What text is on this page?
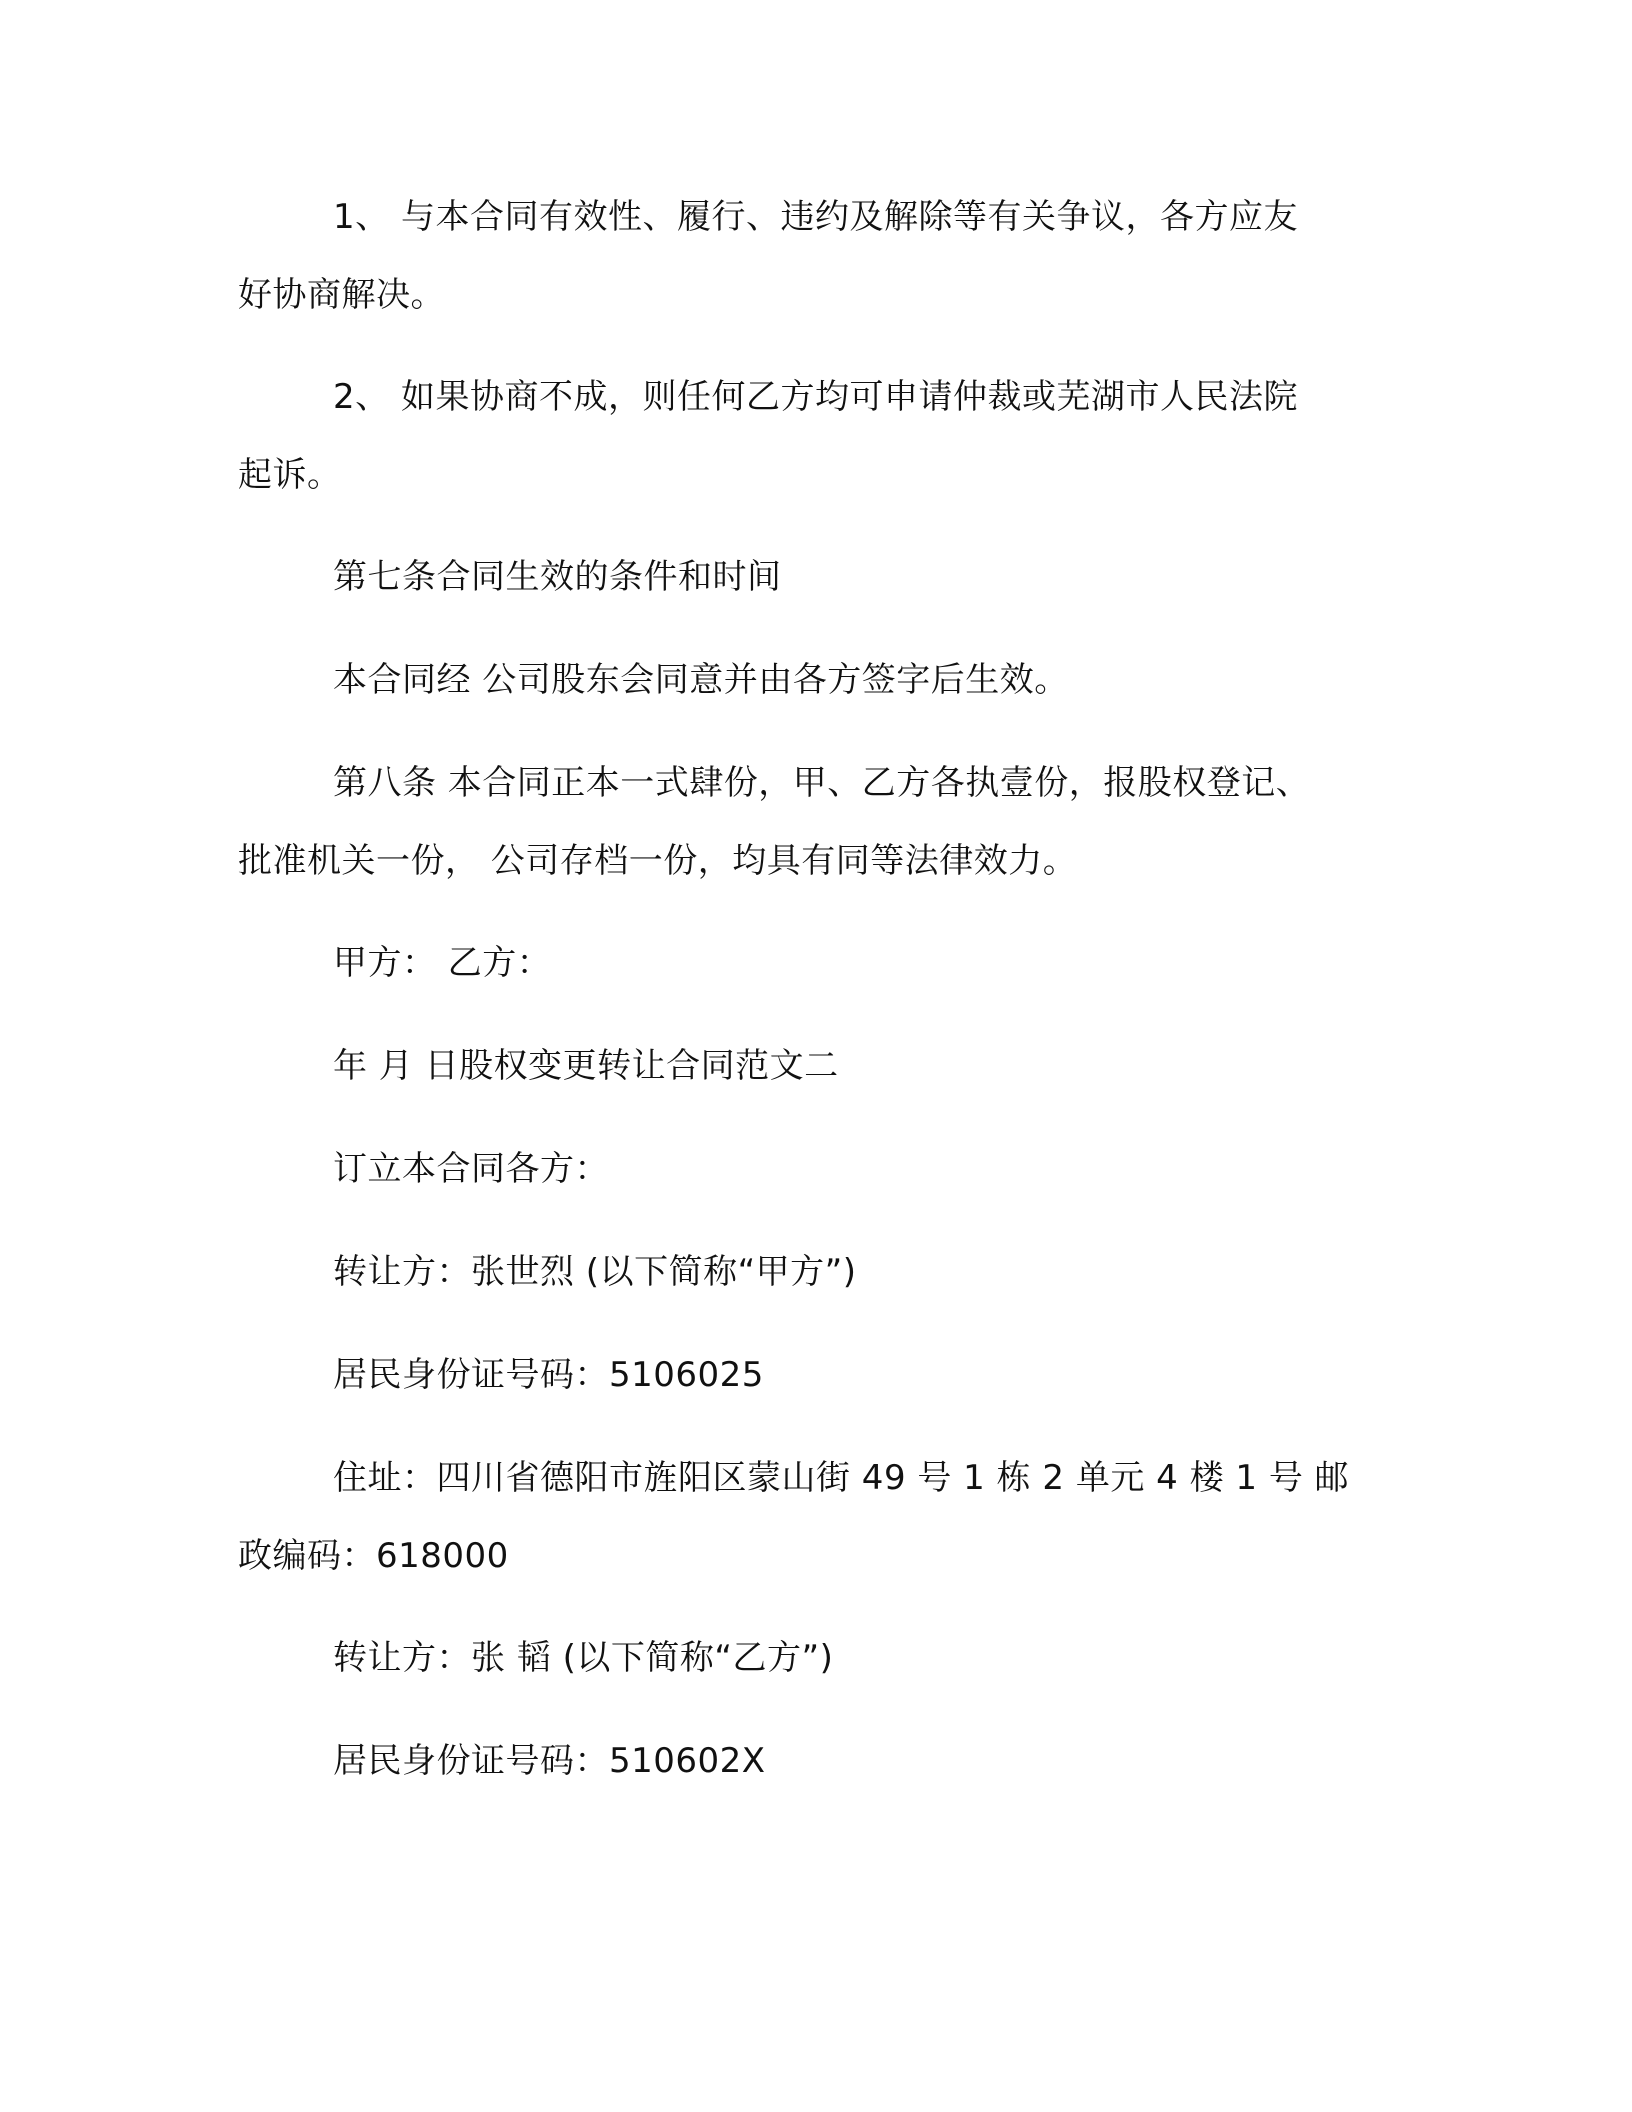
1、 与本合同有效性、履行、违约及解除等有关争议，各方应友
好协商解决。

2、 如果协商不成，则任何乙方均可申请仲裁或芜湖市人民法院
起诉。

第七条合同生效的条件和时间

本合同经 公司股东会同意并由各方签字后生效。

第八条 本合同正本一式肆份，甲、乙方各执壹份，报股权登记、
批准机关一份， 公司存档一份，均具有同等法律效力。

甲方： 乙方：

年 月 日股权变更转让合同范文二

订立本合同各方：

转让方：张世烈 (以下简称“甲方”)

居民身份证号码：5106025

住址：四川省德阳市旌阳区蒙山街 49 号 1 栋 2 单元 4 楼 1 号 邮
政编码：618000

转让方：张 韬 (以下简称“乙方”)

居民身份证号码：510602X
